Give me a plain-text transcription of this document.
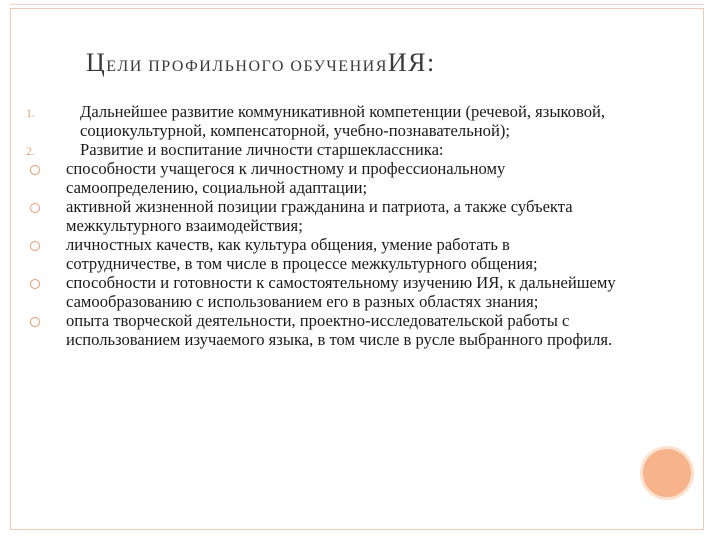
ЦЕЛИ ПРОФИЛЬНОГО ОБУЧЕНИЯИЯ:
1.	Дальнейшее развитие коммуникативной компетенции (речевой, языковой, социокультурной, компенсаторной, учебно-познавательной);
2.	Развитие и воспитание личности старшеклассника:
способности учащегося к личностному и профессиональному самоопределению, социальной адаптации;
активной жизненной позиции гражданина и патриота, а также субъекта межкультурного взаимодействия;
личностных качеств, как культура общения, умение работать в сотрудничестве, в том числе в процессе межкультурного общения;
способности и готовности к самостоятельному изучению ИЯ, к дальнейшему самообразованию с использованием его в разных областях знания;
опыта творческой деятельности, проектно-исследовательской работы с использованием изучаемого языка, в том числе в русле выбранного профиля.
